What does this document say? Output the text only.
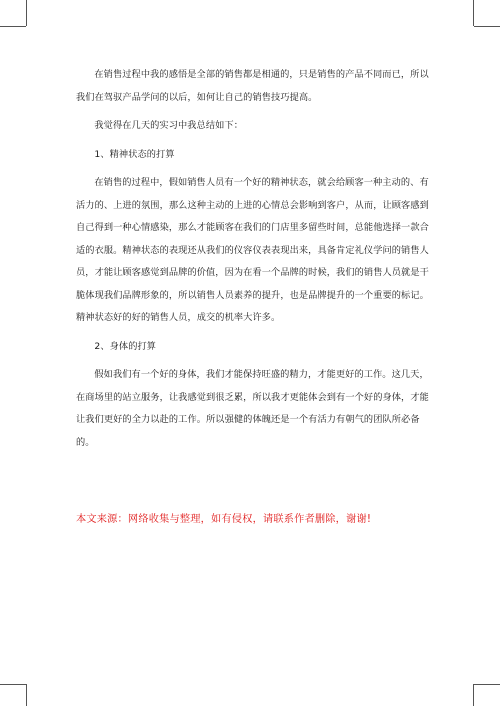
在销售过程中我的感悟是全部的销售都是相通的，只是销售的产品不同而已，所以我们在驾驭产品学问的以后，如何让自己的销售技巧提高。

我觉得在几天的实习中我总结如下：

1、精神状态的打算

在销售的过程中，假如销售人员有一个好的精神状态，就会给顾客一种主动的、有活力的、上进的氛围，那么这种主动的上进的心情总会影响到客户，从而，让顾客感到自己得到一种心情感染，那么才能顾客在我们的门店里多留些时间，总能他选择一款合适的衣服。精神状态的表现还从我们的仪容仪表表现出来，具备肯定礼仪学问的销售人员，才能让顾客感觉到品牌的价值，因为在看一个品牌的时候，我们的销售人员就是干脆体现我们品牌形象的，所以销售人员素养的提升，也是品牌提升的一个重要的标记。精神状态好的好的销售人员，成交的机率大许多。

2、身体的打算

假如我们有一个好的身体，我们才能保持旺盛的精力，才能更好的工作。这几天，在商场里的站立服务，让我感觉到很乏累，所以我才更能体会到有一个好的身体，才能让我们更好的全力以赴的工作。所以强健的体魄还是一个有活力有朝气的团队所必备的。

本文来源：网络收集与整理，如有侵权，请联系作者删除，谢谢!
